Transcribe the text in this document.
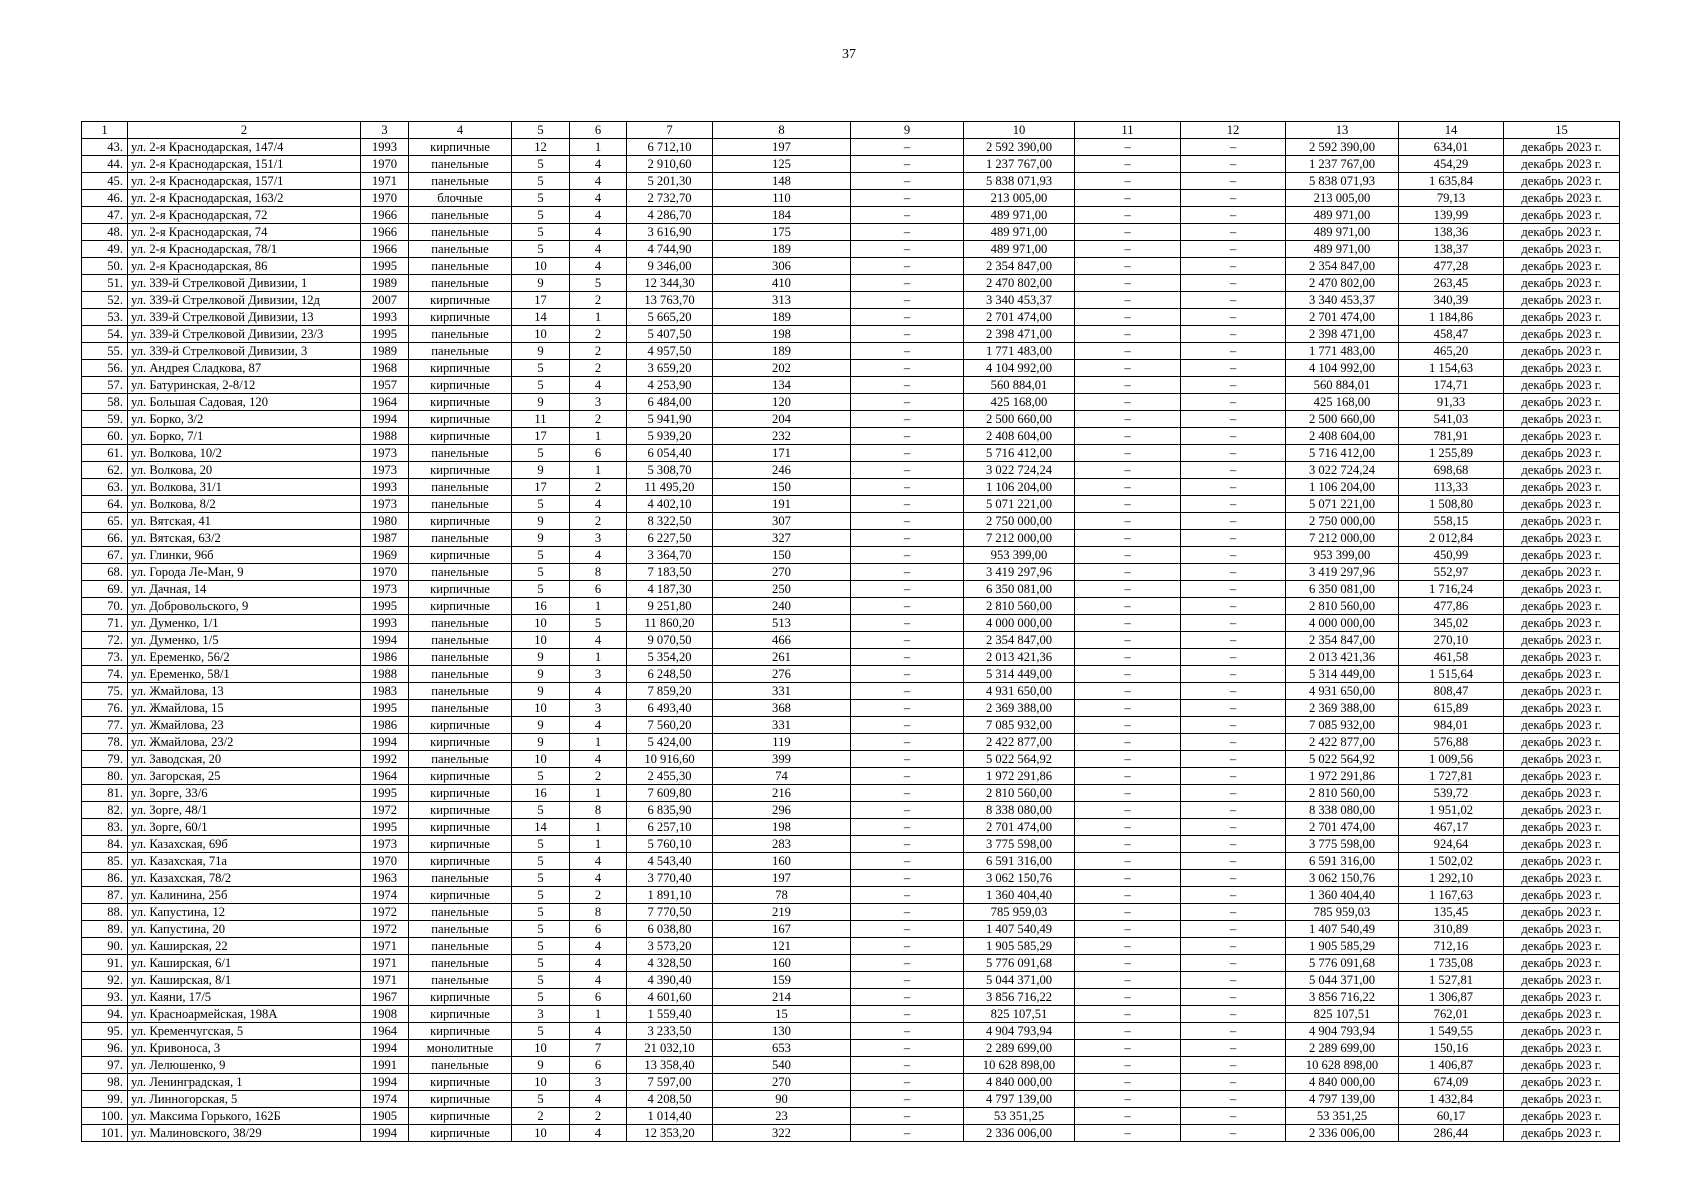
37
1	2	3	4	5	6	7	8	9	10	11	12	13	14	15
43.	ул. 2-я Краснодарская, 147/4	1993	кирпичные	12	1	6 712,10	197	–	2 592 390,00	–	–	2 592 390,00	634,01	декабрь 2023 г.
44.	ул. 2-я Краснодарская, 151/1	1970	панельные	5	4	2 910,60	125	–	1 237 767,00	–	–	1 237 767,00	454,29	декабрь 2023 г.
45.	ул. 2-я Краснодарская, 157/1	1971	панельные	5	4	5 201,30	148	–	5 838 071,93	–	–	5 838 071,93	1 635,84	декабрь 2023 г.
46.	ул. 2-я Краснодарская, 163/2	1970	блочные	5	4	2 732,70	110	–	213 005,00	–	–	213 005,00	79,13	декабрь 2023 г.
47.	ул. 2-я Краснодарская, 72	1966	панельные	5	4	4 286,70	184	–	489 971,00	–	–	489 971,00	139,99	декабрь 2023 г.
48.	ул. 2-я Краснодарская, 74	1966	панельные	5	4	3 616,90	175	–	489 971,00	–	–	489 971,00	138,36	декабрь 2023 г.
49.	ул. 2-я Краснодарская, 78/1	1966	панельные	5	4	4 744,90	189	–	489 971,00	–	–	489 971,00	138,37	декабрь 2023 г.
50.	ул. 2-я Краснодарская, 86	1995	панельные	10	4	9 346,00	306	–	2 354 847,00	–	–	2 354 847,00	477,28	декабрь 2023 г.
51.	ул. 339-й Стрелковой Дивизии, 1	1989	панельные	9	5	12 344,30	410	–	2 470 802,00	–	–	2 470 802,00	263,45	декабрь 2023 г.
52.	ул. 339-й Стрелковой Дивизии, 12д	2007	кирпичные	17	2	13 763,70	313	–	3 340 453,37	–	–	3 340 453,37	340,39	декабрь 2023 г.
53.	ул. 339-й Стрелковой Дивизии, 13	1993	кирпичные	14	1	5 665,20	189	–	2 701 474,00	–	–	2 701 474,00	1 184,86	декабрь 2023 г.
54.	ул. 339-й Стрелковой Дивизии, 23/3	1995	панельные	10	2	5 407,50	198	–	2 398 471,00	–	–	2 398 471,00	458,47	декабрь 2023 г.
55.	ул. 339-й Стрелковой Дивизии, 3	1989	панельные	9	2	4 957,50	189	–	1 771 483,00	–	–	1 771 483,00	465,20	декабрь 2023 г.
56.	ул. Андрея Сладкова, 87	1968	кирпичные	5	2	3 659,20	202	–	4 104 992,00	–	–	4 104 992,00	1 154,63	декабрь 2023 г.
57.	ул. Батуринская, 2-8/12	1957	кирпичные	5	4	4 253,90	134	–	560 884,01	–	–	560 884,01	174,71	декабрь 2023 г.
58.	ул. Большая Садовая, 120	1964	кирпичные	9	3	6 484,00	120	–	425 168,00	–	–	425 168,00	91,33	декабрь 2023 г.
59.	ул. Борко, 3/2	1994	кирпичные	11	2	5 941,90	204	–	2 500 660,00	–	–	2 500 660,00	541,03	декабрь 2023 г.
60.	ул. Борко, 7/1	1988	кирпичные	17	1	5 939,20	232	–	2 408 604,00	–	–	2 408 604,00	781,91	декабрь 2023 г.
61.	ул. Волкова, 10/2	1973	панельные	5	6	6 054,40	171	–	5 716 412,00	–	–	5 716 412,00	1 255,89	декабрь 2023 г.
62.	ул. Волкова, 20	1973	кирпичные	9	1	5 308,70	246	–	3 022 724,24	–	–	3 022 724,24	698,68	декабрь 2023 г.
63.	ул. Волкова, 31/1	1993	панельные	17	2	11 495,20	150	–	1 106 204,00	–	–	1 106 204,00	113,33	декабрь 2023 г.
64.	ул. Волкова, 8/2	1973	панельные	5	4	4 402,10	191	–	5 071 221,00	–	–	5 071 221,00	1 508,80	декабрь 2023 г.
65.	ул. Вятская, 41	1980	кирпичные	9	2	8 322,50	307	–	2 750 000,00	–	–	2 750 000,00	558,15	декабрь 2023 г.
66.	ул. Вятская, 63/2	1987	панельные	9	3	6 227,50	327	–	7 212 000,00	–	–	7 212 000,00	2 012,84	декабрь 2023 г.
67.	ул. Глинки, 96б	1969	кирпичные	5	4	3 364,70	150	–	953 399,00	–	–	953 399,00	450,99	декабрь 2023 г.
68.	ул. Города Ле-Ман, 9	1970	панельные	5	8	7 183,50	270	–	3 419 297,96	–	–	3 419 297,96	552,97	декабрь 2023 г.
69.	ул. Дачная, 14	1973	кирпичные	5	6	4 187,30	250	–	6 350 081,00	–	–	6 350 081,00	1 716,24	декабрь 2023 г.
70.	ул. Добровольского, 9	1995	кирпичные	16	1	9 251,80	240	–	2 810 560,00	–	–	2 810 560,00	477,86	декабрь 2023 г.
71.	ул. Думенко, 1/1	1993	панельные	10	5	11 860,20	513	–	4 000 000,00	–	–	4 000 000,00	345,02	декабрь 2023 г.
72.	ул. Думенко, 1/5	1994	панельные	10	4	9 070,50	466	–	2 354 847,00	–	–	2 354 847,00	270,10	декабрь 2023 г.
73.	ул. Еременко, 56/2	1986	панельные	9	1	5 354,20	261	–	2 013 421,36	–	–	2 013 421,36	461,58	декабрь 2023 г.
74.	ул. Еременко, 58/1	1988	панельные	9	3	6 248,50	276	–	5 314 449,00	–	–	5 314 449,00	1 515,64	декабрь 2023 г.
75.	ул. Жмайлова, 13	1983	панельные	9	4	7 859,20	331	–	4 931 650,00	–	–	4 931 650,00	808,47	декабрь 2023 г.
76.	ул. Жмайлова, 15	1995	панельные	10	3	6 493,40	368	–	2 369 388,00	–	–	2 369 388,00	615,89	декабрь 2023 г.
77.	ул. Жмайлова, 23	1986	кирпичные	9	4	7 560,20	331	–	7 085 932,00	–	–	7 085 932,00	984,01	декабрь 2023 г.
78.	ул. Жмайлова, 23/2	1994	кирпичные	9	1	5 424,00	119	–	2 422 877,00	–	–	2 422 877,00	576,88	декабрь 2023 г.
79.	ул. Заводская, 20	1992	панельные	10	4	10 916,60	399	–	5 022 564,92	–	–	5 022 564,92	1 009,56	декабрь 2023 г.
80.	ул. Загорская, 25	1964	кирпичные	5	2	2 455,30	74	–	1 972 291,86	–	–	1 972 291,86	1 727,81	декабрь 2023 г.
81.	ул. Зорге, 33/6	1995	кирпичные	16	1	7 609,80	216	–	2 810 560,00	–	–	2 810 560,00	539,72	декабрь 2023 г.
82.	ул. Зорге, 48/1	1972	кирпичные	5	8	6 835,90	296	–	8 338 080,00	–	–	8 338 080,00	1 951,02	декабрь 2023 г.
83.	ул. Зорге, 60/1	1995	кирпичные	14	1	6 257,10	198	–	2 701 474,00	–	–	2 701 474,00	467,17	декабрь 2023 г.
84.	ул. Казахская, 69б	1973	кирпичные	5	1	5 760,10	283	–	3 775 598,00	–	–	3 775 598,00	924,64	декабрь 2023 г.
85.	ул. Казахская, 71а	1970	кирпичные	5	4	4 543,40	160	–	6 591 316,00	–	–	6 591 316,00	1 502,02	декабрь 2023 г.
86.	ул. Казахская, 78/2	1963	панельные	5	4	3 770,40	197	–	3 062 150,76	–	–	3 062 150,76	1 292,10	декабрь 2023 г.
87.	ул. Калинина, 25б	1974	кирпичные	5	2	1 891,10	78	–	1 360 404,40	–	–	1 360 404,40	1 167,63	декабрь 2023 г.
88.	ул. Капустина, 12	1972	панельные	5	8	7 770,50	219	–	785 959,03	–	–	785 959,03	135,45	декабрь 2023 г.
89.	ул. Капустина, 20	1972	панельные	5	6	6 038,80	167	–	1 407 540,49	–	–	1 407 540,49	310,89	декабрь 2023 г.
90.	ул. Каширская, 22	1971	панельные	5	4	3 573,20	121	–	1 905 585,29	–	–	1 905 585,29	712,16	декабрь 2023 г.
91.	ул. Каширская, 6/1	1971	панельные	5	4	4 328,50	160	–	5 776 091,68	–	–	5 776 091,68	1 735,08	декабрь 2023 г.
92.	ул. Каширская, 8/1	1971	панельные	5	4	4 390,40	159	–	5 044 371,00	–	–	5 044 371,00	1 527,81	декабрь 2023 г.
93.	ул. Каяни, 17/5	1967	кирпичные	5	6	4 601,60	214	–	3 856 716,22	–	–	3 856 716,22	1 306,87	декабрь 2023 г.
94.	ул. Красноармейская, 198А	1908	кирпичные	3	1	1 559,40	15	–	825 107,51	–	–	825 107,51	762,01	декабрь 2023 г.
95.	ул. Кременчугская, 5	1964	кирпичные	5	4	3 233,50	130	–	4 904 793,94	–	–	4 904 793,94	1 549,55	декабрь 2023 г.
96.	ул. Кривоноса, 3	1994	монолитные	10	7	21 032,10	653	–	2 289 699,00	–	–	2 289 699,00	150,16	декабрь 2023 г.
97.	ул. Лелюшенко, 9	1991	панельные	9	6	13 358,40	540	–	10 628 898,00	–	–	10 628 898,00	1 406,87	декабрь 2023 г.
98.	ул. Ленинградская, 1	1994	кирпичные	10	3	7 597,00	270	–	4 840 000,00	–	–	4 840 000,00	674,09	декабрь 2023 г.
99.	ул. Линногорская, 5	1974	кирпичные	5	4	4 208,50	90	–	4 797 139,00	–	–	4 797 139,00	1 432,84	декабрь 2023 г.
100.	ул. Максима Горького, 162Б	1905	кирпичные	2	2	1 014,40	23	–	53 351,25	–	–	53 351,25	60,17	декабрь 2023 г.
101.	ул. Малиновского, 38/29	1994	кирпичные	10	4	12 353,20	322	–	2 336 006,00	–	–	2 336 006,00	286,44	декабрь 2023 г.
